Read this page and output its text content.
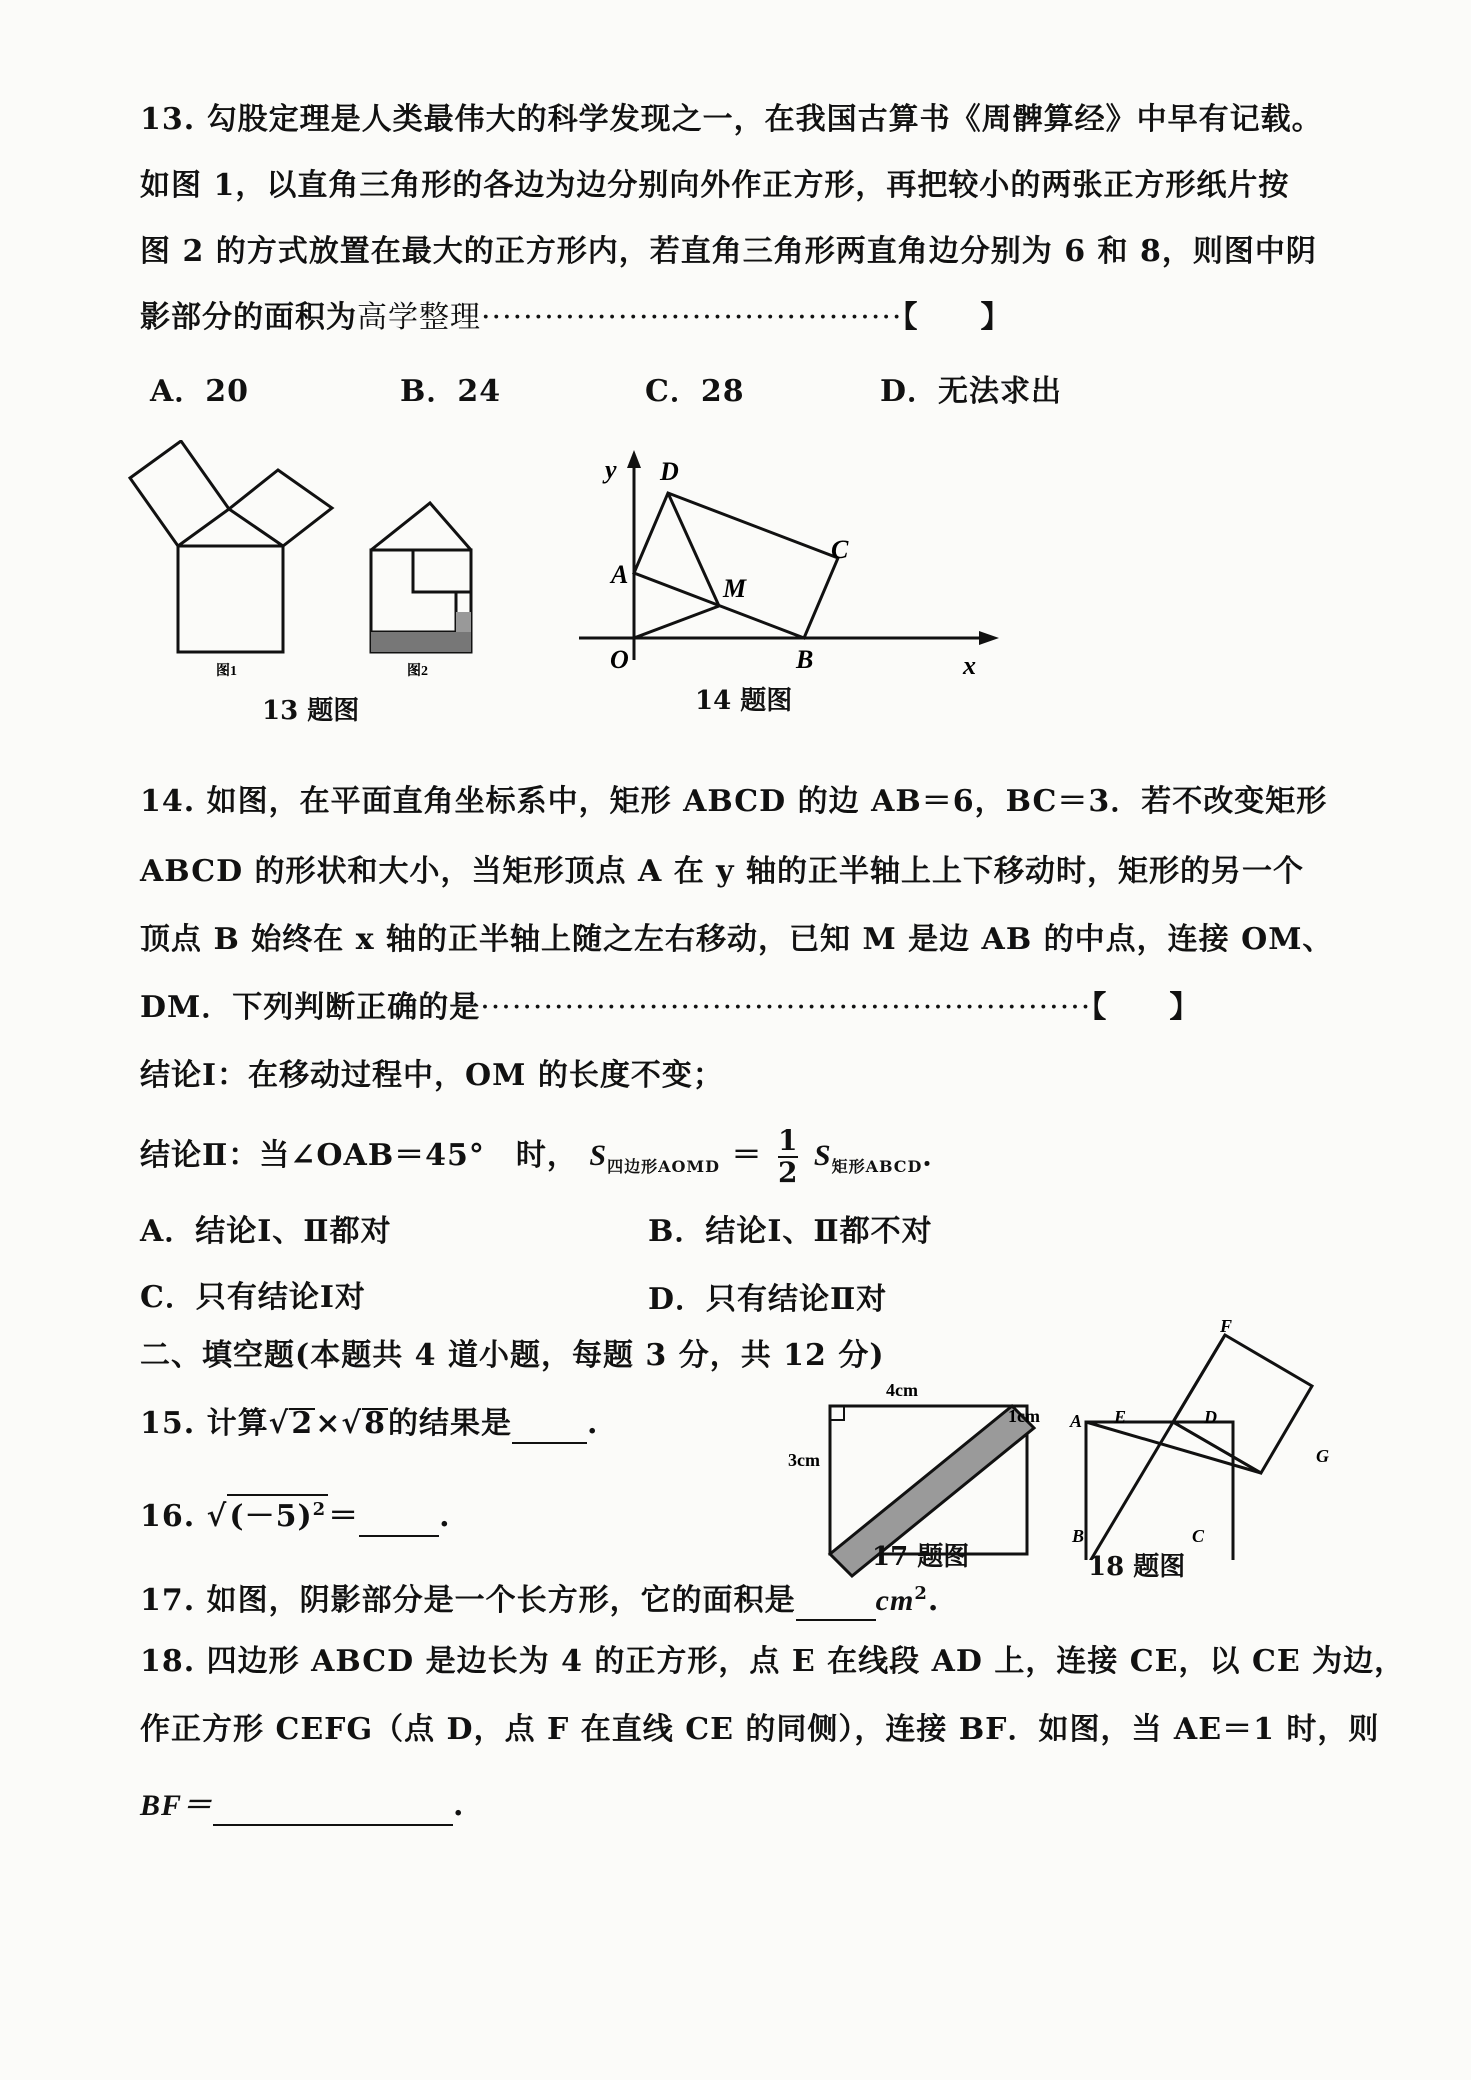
13. 勾股定理是人类最伟大的科学发现之一，在我国古算书《周髀算经》中早有记载。
如图 1，以直角三角形的各边为边分别向外作正方形，再把较小的两张正方形纸片按
图 2 的方式放置在最大的正方形内，若直角三角形两直角边分别为 6 和 8，则图中阴
影部分的面积为高学整理········································【　　】
A．20	B．24	C．28	D．无法求出
图1	图2
13 题图
y
x
O
A
B
C
D
M
14 题图
14. 如图，在平面直角坐标系中，矩形 ABCD 的边 AB＝6，BC＝3．若不改变矩形
ABCD 的形状和大小，当矩形顶点 A 在 y 轴的正半轴上上下移动时，矩形的另一个
顶点 B 始终在 x 轴的正半轴上随之左右移动，已知 M 是边 AB 的中点，连接 OM、
DM．下列判断正确的是··························································【　　】
结论Ⅰ：在移动过程中，OM 的长度不变；
结论Ⅱ：当∠OAB＝45°　时， $S_{四边形AOMD} = \frac{1}{2} S_{矩形ABCD}$．
A．结论Ⅰ、Ⅱ都对	B．结论Ⅰ、Ⅱ都不对
C．只有结论Ⅰ对	D．只有结论Ⅱ对
二、填空题(本题共 4 道小题，每题 3 分，共 12 分)
15. 计算√2×√8的结果是	.
16. $√(-5)^2=$	.
4cm
1cm
3cm
17 题图
F
A E	D
G
B	C
18 题图
17. 如图，阴影部分是一个长方形，它的面积是	$cm^2$.
18. 四边形 ABCD 是边长为 4 的正方形，点 E 在线段 AD 上，连接 CE，以 CE 为边，
作正方形 CEFG（点 D，点 F 在直线 CE 的同侧），连接 BF．如图，当 AE＝1 时，则
BF＝	.
